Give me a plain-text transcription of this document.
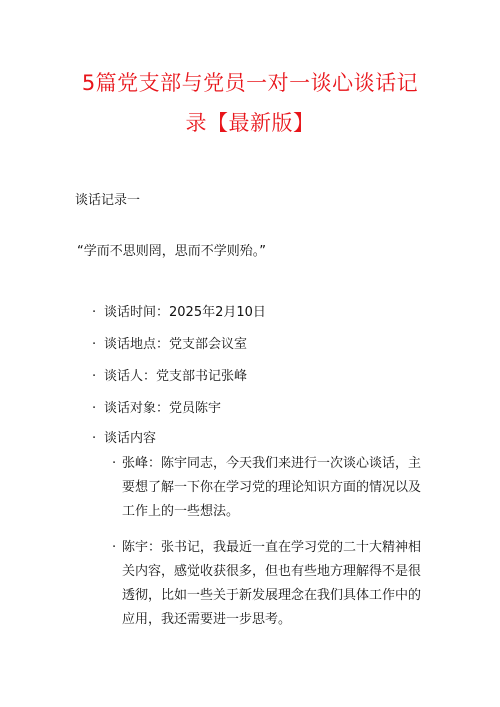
5篇党支部与党员一对一谈心谈话记
录【最新版】
谈话记录一
“学而不思则罔，思而不学则殆。”
· 谈话时间：2025年2月10日
· 谈话地点：党支部会议室
· 谈话人：党支部书记张峰
· 谈话对象：党员陈宇
· 谈话内容
· 张峰：陈宇同志，今天我们来进行一次谈心谈话，主
要想了解一下你在学习党的理论知识方面的情况以及
工作上的一些想法。
· 陈宇：张书记，我最近一直在学习党的二十大精神相
关内容，感觉收获很多，但也有些地方理解得不是很
透彻，比如一些关于新发展理念在我们具体工作中的
应用，我还需要进一步思考。
